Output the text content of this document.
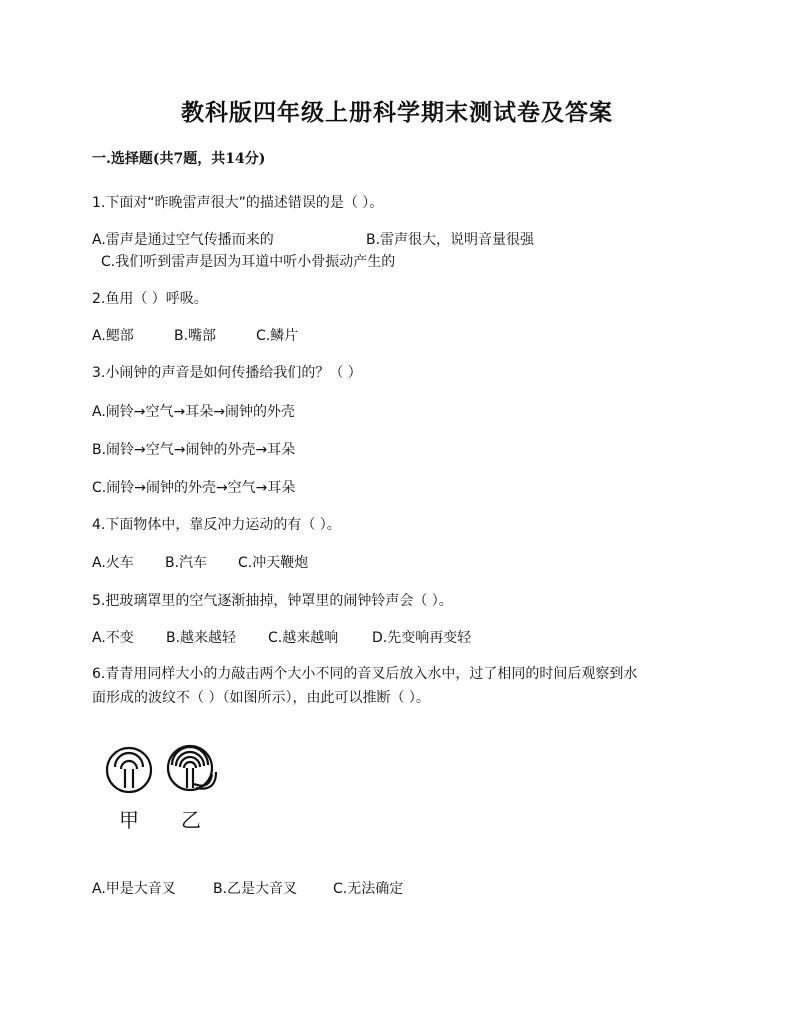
教科版四年级上册科学期末测试卷及答案
一.选择题(共7题，共14分)
1.下面对“昨晚雷声很大”的描述错误的是（ ）。
A.雷声是通过空气传播而来的	B.雷声很大，说明音量很强
C.我们听到雷声是因为耳道中听小骨振动产生的
2.鱼用（ ）呼吸。
A.鳃部	B.嘴部	C.鳞片
3.小闹钟的声音是如何传播给我们的？（ ）
A.闹铃→空气→耳朵→闹钟的外壳
B.闹铃→空气→闹钟的外壳→耳朵
C.闹铃→闹钟的外壳→空气→耳朵
4.下面物体中，靠反冲力运动的有（ ）。
A.火车 B.汽车 C.冲天鞭炮
5.把玻璃罩里的空气逐渐抽掉，钟罩里的闹钟铃声会（ ）。
A.不变 B.越来越轻 C.越来越响 D.先变响再变轻
6.青青用同样大小的力敲击两个大小不同的音叉后放入水中，过了相同的时间后观察到水
面形成的波纹不（ ）（如图所示），由此可以推断（ ）。
甲 乙
A.甲是大音叉	B.乙是大音叉	C.无法确定
